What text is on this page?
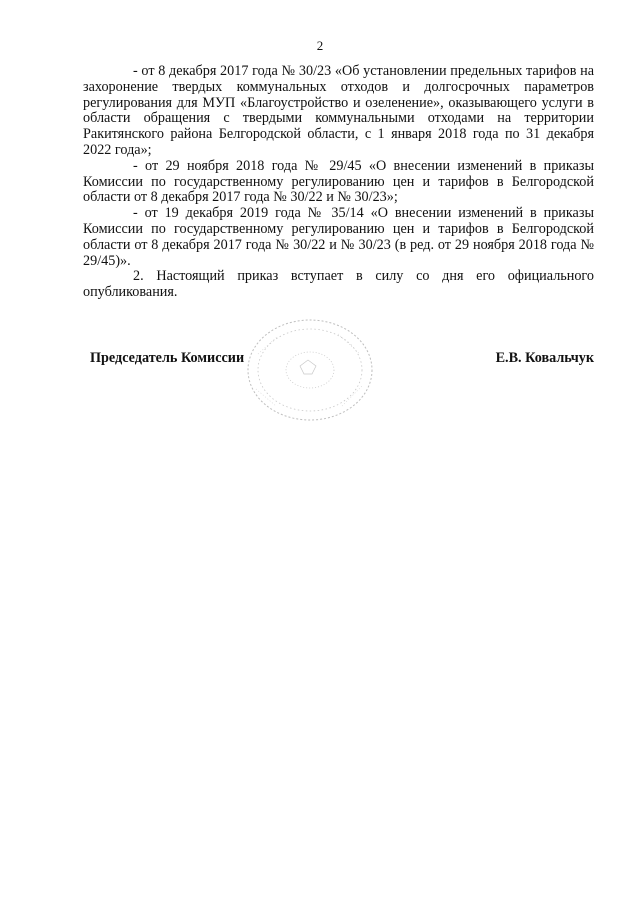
2

- от 8 декабря 2017 года № 30/23 «Об установлении предельных тарифов на захоронение твердых коммунальных отходов и долгосрочных параметров регулирования для МУП «Благоустройство и озеленение», оказывающего услуги в области обращения с твердыми коммунальными отходами на территории Ракитянского района Белгородской области, с 1 января 2018 года по 31 декабря 2022 года»;

- от 29 ноября 2018 года № 29/45 «О внесении изменений в приказы Комиссии по государственному регулированию цен и тарифов в Белгородской области от 8 декабря 2017 года № 30/22 и № 30/23»;

- от 19 декабря 2019 года № 35/14 «О внесении изменений в приказы Комиссии по государственному регулированию цен и тарифов в Белгородской области от 8 декабря 2017 года № 30/22 и № 30/23 (в ред. от 29 ноября 2018 года № 29/45)».

2. Настоящий приказ вступает в силу со дня его официального опубликования.

Председатель Комиссии	Е.В. Ковальчук
